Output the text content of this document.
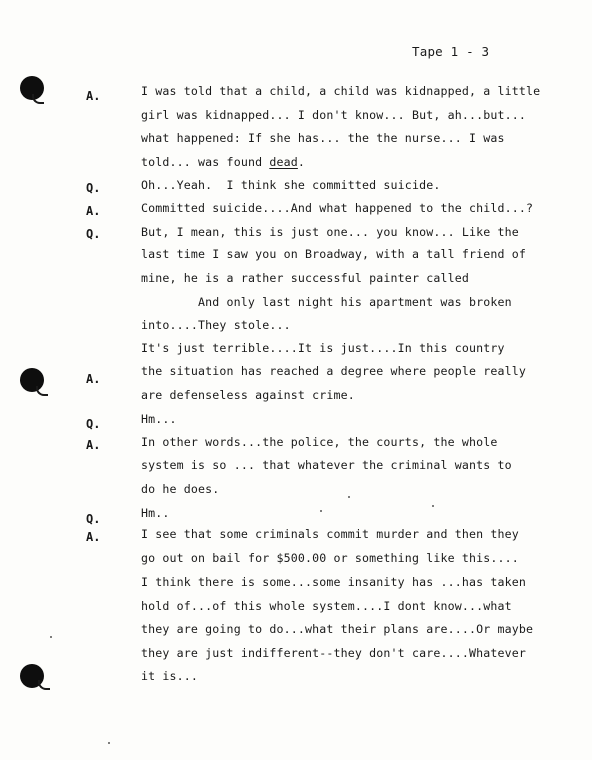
Tape 1 - 3
A.
Q.
A.
Q.
A.
Q.
A.
Q.
A.
I was told that a child, a child was kidnapped, a little
girl was kidnapped... I don't know... But, ah...but...
what happened: If she has... the the nurse... I was
told... was found dead.
Oh...Yeah.  I think she committed suicide.
Committed suicide....And what happened to the child...?
But, I mean, this is just one... you know... Like the
last time I saw you on Broadway, with a tall friend of
mine, he is a rather successful painter called
And only last night his apartment was broken
into....They stole...
It's just terrible....It is just....In this country
the situation has reached a degree where people really
are defenseless against crime.
Hm...
In other words...the police, the courts, the whole
system is so ... that whatever the criminal wants to
do he does.
Hm..
I see that some criminals commit murder and then they
go out on bail for $500.00 or something like this....
I think there is some...some insanity has ...has taken
hold of...of this whole system....I dont know...what
they are going to do...what their plans are....Or maybe
they are just indifferent--they don't care....Whatever
it is...
